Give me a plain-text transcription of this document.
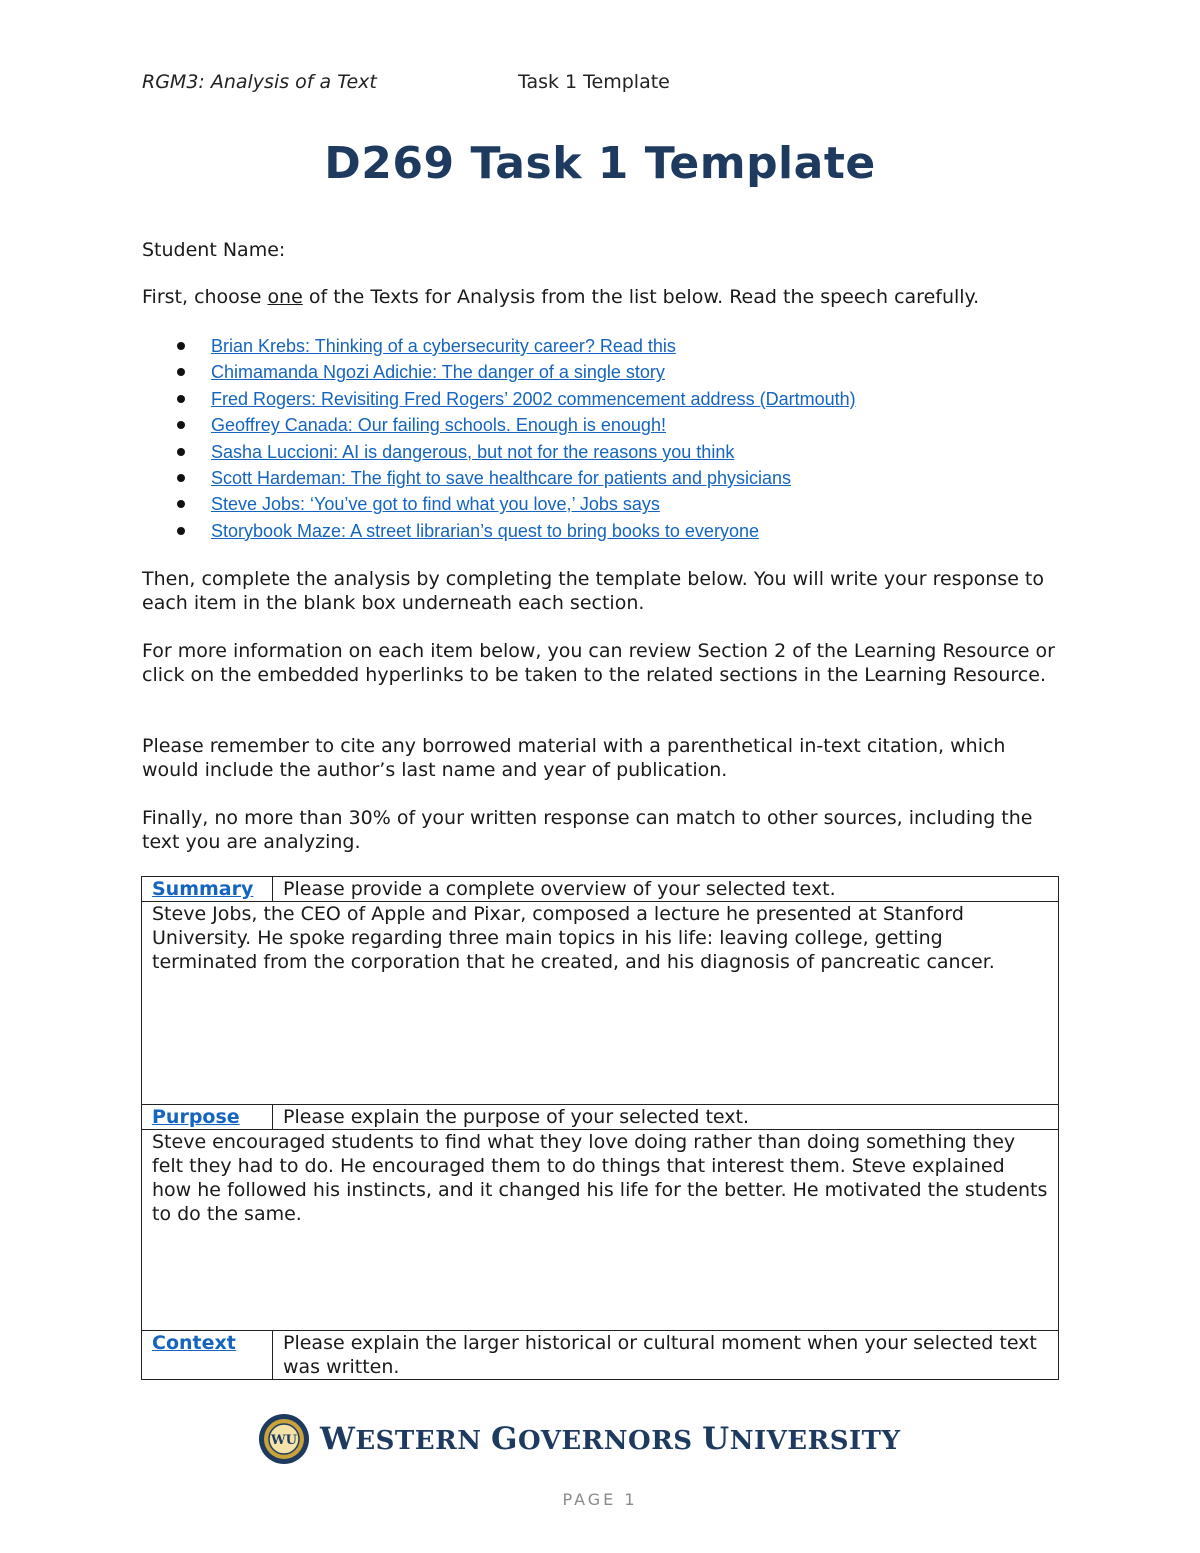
RGM3: Analysis of a Text	Task 1 Template
D269 Task 1 Template
Student Name:
First, choose one of the Texts for Analysis from the list below. Read the speech carefully.
Brian Krebs: Thinking of a cybersecurity career? Read this
Chimamanda Ngozi Adichie: The danger of a single story
Fred Rogers: Revisiting Fred Rogers’ 2002 commencement address (Dartmouth)
Geoffrey Canada: Our failing schools. Enough is enough!
Sasha Luccioni: AI is dangerous, but not for the reasons you think
Scott Hardeman: The fight to save healthcare for patients and physicians
Steve Jobs: ‘You’ve got to find what you love,’ Jobs says
Storybook Maze: A street librarian’s quest to bring books to everyone
Then, complete the analysis by completing the template below. You will write your response to each item in the blank box underneath each section.
For more information on each item below, you can review Section 2 of the Learning Resource or click on the embedded hyperlinks to be taken to the related sections in the Learning Resource.
Please remember to cite any borrowed material with a parenthetical in-text citation, which would include the author’s last name and year of publication.
Finally, no more than 30% of your written response can match to other sources, including the text you are analyzing.
Summary	Please provide a complete overview of your selected text.
Steve Jobs, the CEO of Apple and Pixar, composed a lecture he presented at Stanford University. He spoke regarding three main topics in his life: leaving college, getting terminated from the corporation that he created, and his diagnosis of pancreatic cancer.	
Purpose	Please explain the purpose of your selected text.
Steve encouraged students to find what they love doing rather than doing something they felt they had to do. He encouraged them to do things that interest them. Steve explained how he followed his instincts, and it changed his life for the better. He motivated the students to do the same.	
Context	Please explain the larger historical or cultural moment when your selected text was written.
WU WESTERN GOVERNORS UNIVERSITY
PAGE 1
